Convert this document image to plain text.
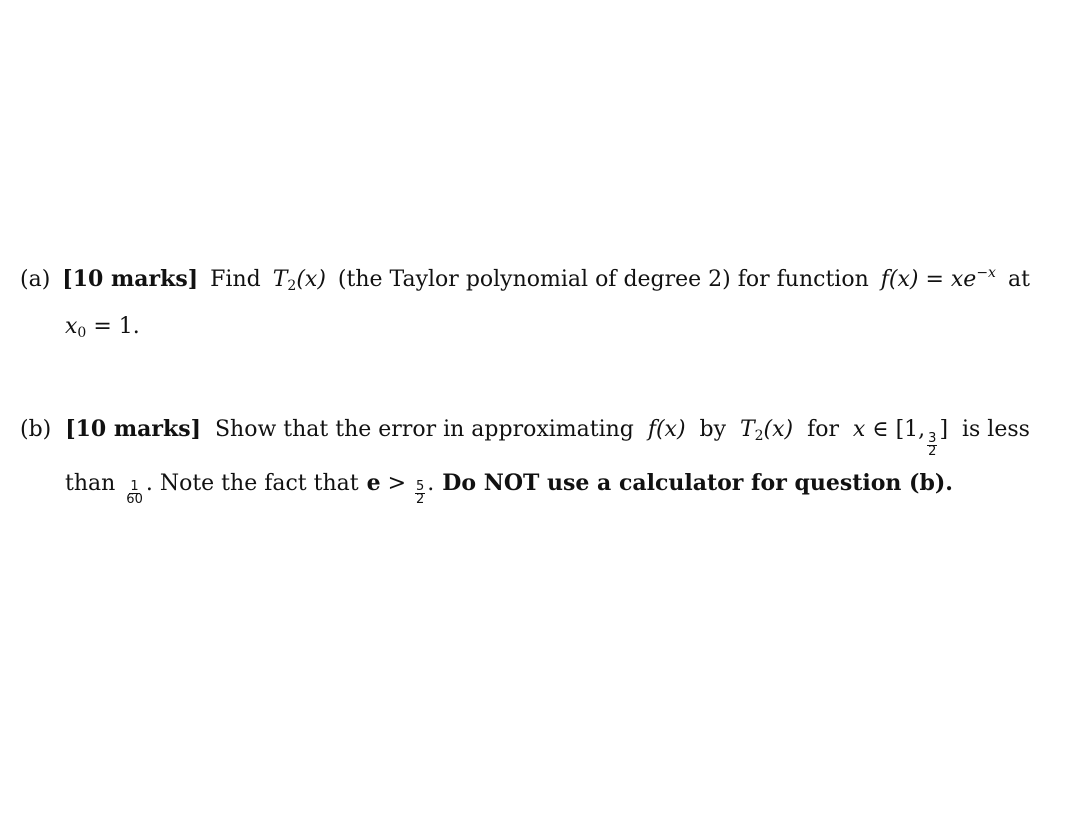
(a) [10 marks] Find $T_2(x)$ (the Taylor polynomial of degree 2) for function $f(x) = xe^{-x}$ at
$x_0 = 1$.
(b) [10 marks] Show that the error in approximating f(x) by $T_2(x)$ for x ∈ [1,
$\frac{3}{2}$
] is less
than $\frac{1}{60}$ . Note the fact that $e > \frac{5}{2}$ . Do NOT use a calculator for question (b).
